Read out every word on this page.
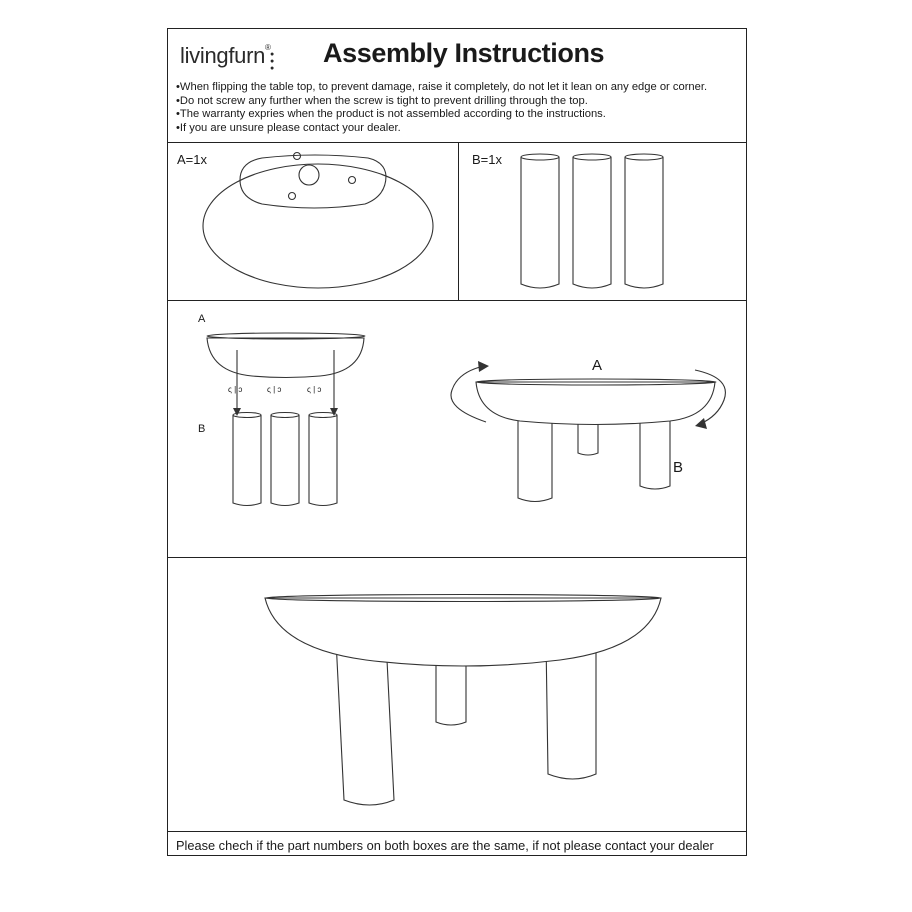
● ● ●
livingfurn® Assembly Instructions
• When flipping the table top, to prevent damage, raise it completely, do not let it lean on any edge or corner.
• Do not screw any further when the screw is tight to prevent drilling through the top.
• The warranty expries when the product is not assembled according to the instructions.
• If you are unsure please contact your dealer.
A=1x	B=1x
A
B
ς | ɔ	ς | ɔ	ς | ɔ
A
B
Please chech if the part numbers on both boxes are the same, if not please contact your dealer
